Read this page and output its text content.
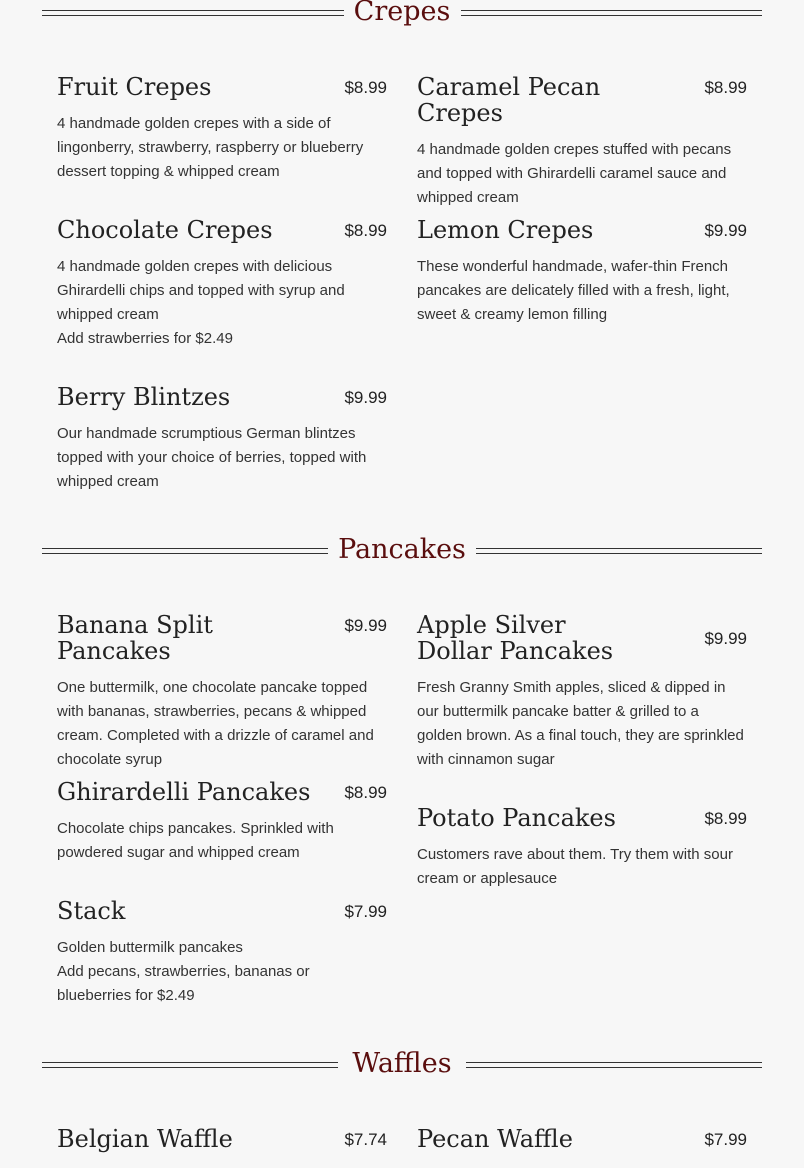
Crepes
$8.99
Fruit Crepes
4 handmade golden crepes with a side of lingonberry, strawberry, raspberry or blueberry dessert topping & whipped cream
$8.99
Caramel Pecan Crepes
4 handmade golden crepes stuffed with pecans and topped with Ghirardelli caramel sauce and whipped cream
$8.99
Chocolate Crepes
4 handmade golden crepes with delicious Ghirardelli chips and topped with syrup and whipped cream
Add strawberries for $2.49
$9.99
Lemon Crepes
These wonderful handmade, wafer-thin French pancakes are delicately filled with a fresh, light, sweet & creamy lemon filling
$9.99
Berry Blintzes
Our handmade scrumptious German blintzes topped with your choice of berries, topped with whipped cream
Pancakes
$9.99
Banana Split Pancakes
One buttermilk, one chocolate pancake topped with bananas, strawberries, pecans & whipped cream. Completed with a drizzle of caramel and chocolate syrup
$9.99
Apple Silver Dollar Pancakes
Fresh Granny Smith apples, sliced & dipped in our buttermilk pancake batter & grilled to a golden brown. As a final touch, they are sprinkled with cinnamon sugar
$8.99
Ghirardelli Pancakes
Chocolate chips pancakes. Sprinkled with powdered sugar and whipped cream
$8.99
Potato Pancakes
Customers rave about them. Try them with sour cream or applesauce
$7.99
Stack
Golden buttermilk pancakes
Add pecans, strawberries, bananas or blueberries for $2.49
Waffles
$7.74
Belgian Waffle	$7.99
Pecan Waffle
